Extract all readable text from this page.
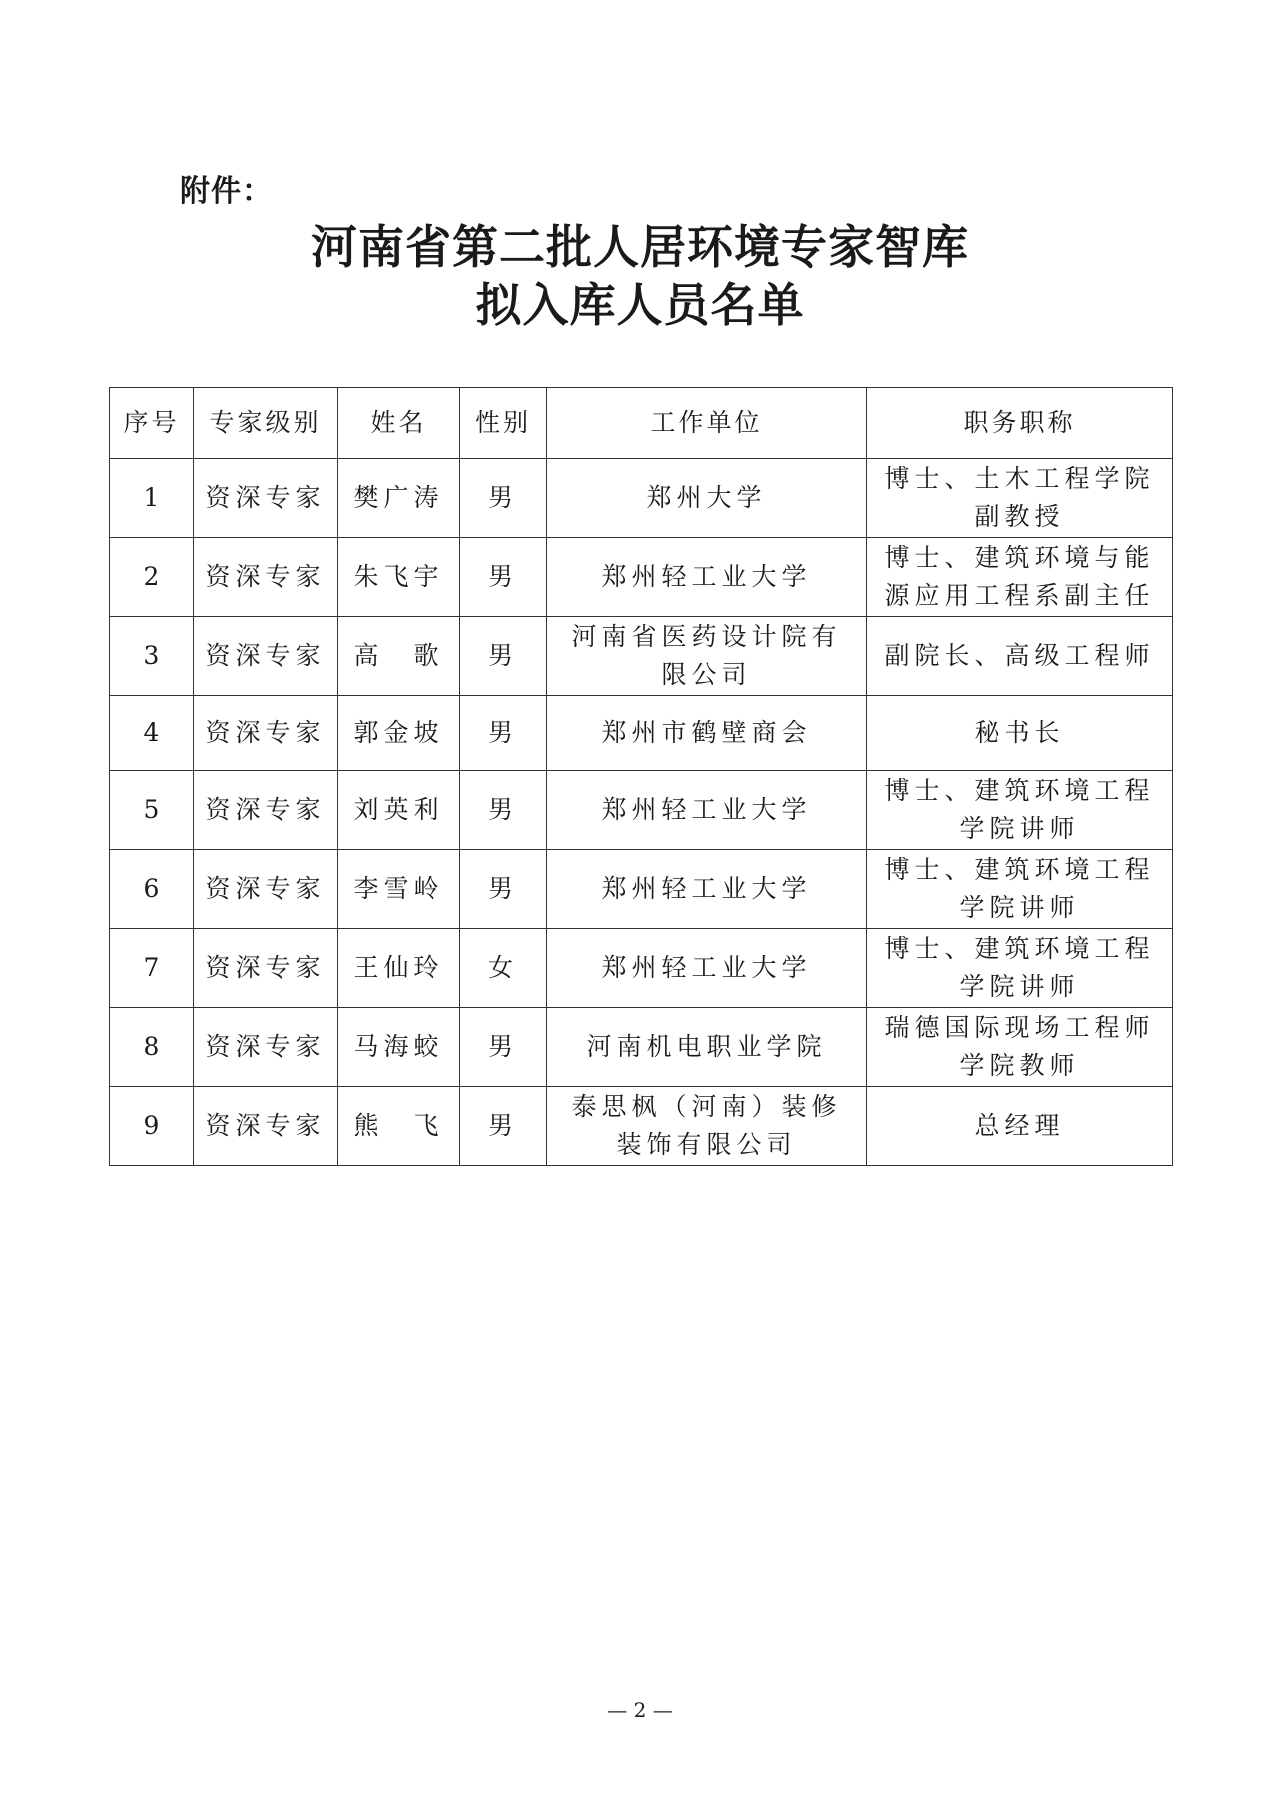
附件：
河南省第二批人居环境专家智库
拟入库人员名单
序号	专家级别	姓名	性别	工作单位	职务职称
1	资深专家	樊广涛	男	郑州大学	博士、土木工程学院副教授
2	资深专家	朱飞宇	男	郑州轻工业大学	博士、建筑环境与能源应用工程系副主任
3	资深专家	高　歌	男	河南省医药设计院有限公司	副院长、高级工程师
4	资深专家	郭金坡	男	郑州市鹤壁商会	秘书长
5	资深专家	刘英利	男	郑州轻工业大学	博士、建筑环境工程学院讲师
6	资深专家	李雪岭	男	郑州轻工业大学	博士、建筑环境工程学院讲师
7	资深专家	王仙玲	女	郑州轻工业大学	博士、建筑环境工程学院讲师
8	资深专家	马海蛟	男	河南机电职业学院	瑞德国际现场工程师学院教师
9	资深专家	熊　飞	男	泰思枫（河南）装修装饰有限公司	总经理
— 2 —
